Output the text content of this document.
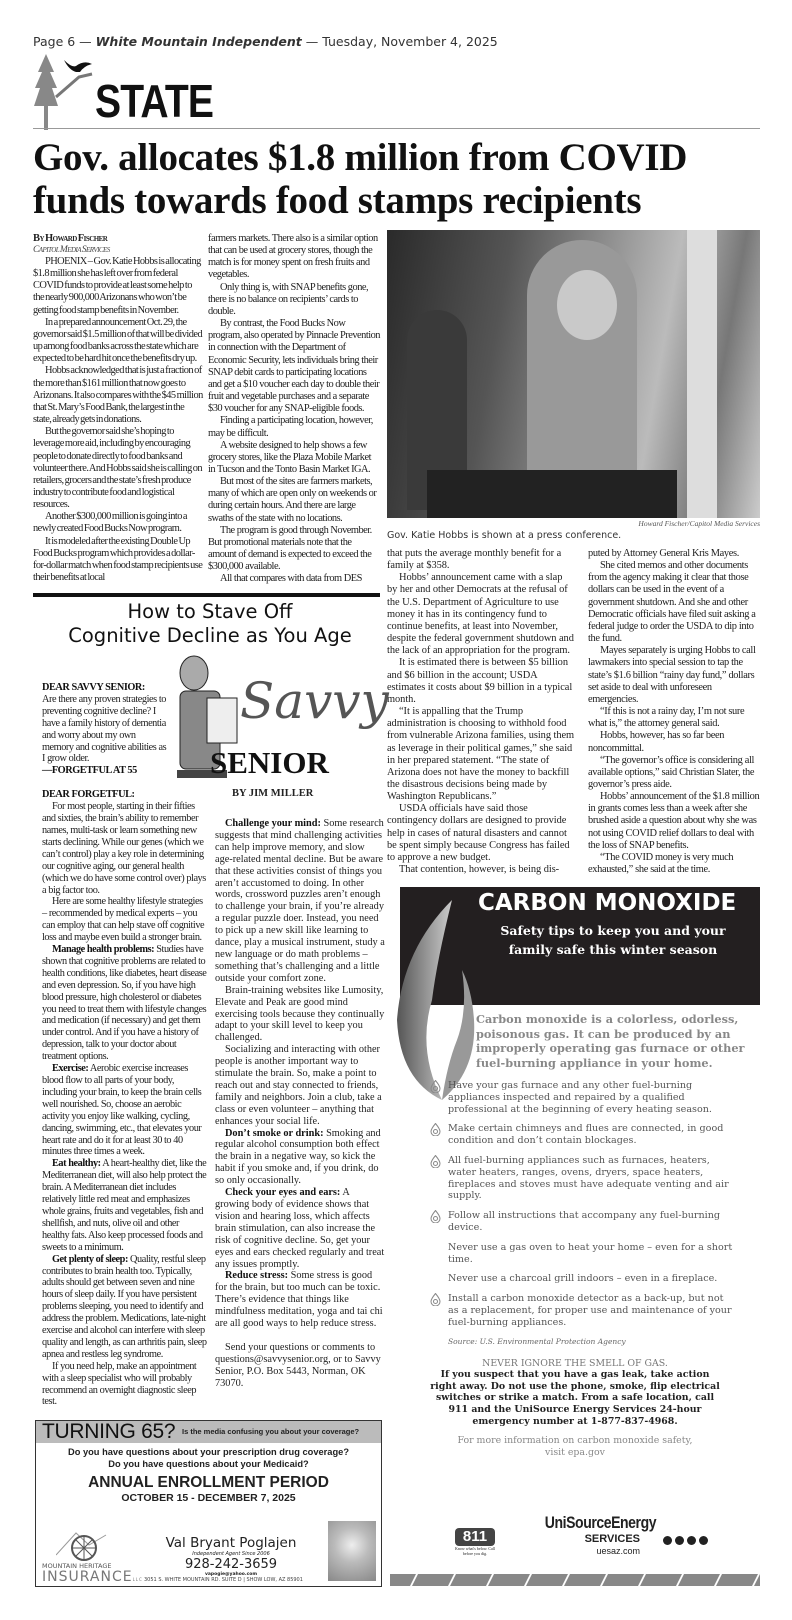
Page 6 — White Mountain Independent — Tuesday, November 4, 2025
STATE
Gov. allocates $1.8 million from COVID funds towards food stamps recipients
By Howard Fischer
Capitol Media Services

PHOENIX – Gov. Katie Hobbs is allocating $1.8 million she has left over from federal COVID funds to provide at least some help to the nearly 900,000 Arizonans who won’t be getting food stamp benefits in November.

In a prepared announcement Oct. 29, the governor said $1.5 million of that will be divided up among food banks across the state which are expected to be hard hit once the benefits dry up.

Hobbs acknowledged that is just a fraction of the more than $161 million that now goes to Arizonans. It also compares with the $45 million that St. Mary’s Food Bank, the largest in the state, already gets in donations.

But the governor said she’s hoping to leverage more aid, including by encouraging people to donate directly to food banks and volunteer there. And Hobbs said she is calling on retailers, grocers and the state’s fresh produce industry to contribute food and logistical resources.

Another $300,000 million is going into a newly created Food Bucks Now program.

It is modeled after the existing Double Up Food Bucks program which provides a dollar-for-dollar match when food stamp recipients use their benefits at local

farmers markets. There also is a similar option that can be used at grocery stores, though the match is for money spent on fresh fruits and vegetables.

Only thing is, with SNAP benefits gone, there is no balance on recipients’ cards to double.

By contrast, the Food Bucks Now program, also operated by Pinnacle Prevention in connection with the Department of Economic Security, lets individuals bring their SNAP debit cards to participating locations and get a $10 voucher each day to double their fruit and vegetable purchases and a separate $30 voucher for any SNAP-eligible foods.

Finding a participating location, however, may be difficult.

A website designed to help shows a few grocery stores, like the Plaza Mobile Market in Tucson and the Tonto Basin Market IGA.

But most of the sites are farmers markets, many of which are open only on weekends or during certain hours. And there are large swaths of the state with no locations.

The program is good through November. But promotional materials note that the amount of demand is expected to exceed the $300,000 available.

All that compares with data from DES

Howard Fischer/Capitol Media Services
Gov. Katie Hobbs is shown at a press conference.

that puts the average monthly benefit for a family at $358.

Hobbs’ announcement came with a slap by her and other Democrats at the refusal of the U.S. Department of Agriculture to use money it has in its contingency fund to continue benefits, at least into November, despite the federal government shutdown and the lack of an appropriation for the program.

It is estimated there is between $5 billion and $6 billion in the account; USDA estimates it costs about $9 billion in a typical month.

“It is appalling that the Trump administration is choosing to withhold food from vulnerable Arizona families, using them as leverage in their political games,” she said in her prepared statement. “The state of Arizona does not have the money to backfill the disastrous decisions being made by Washington Republicans.”

USDA officials have said those contingency dollars are designed to provide help in cases of natural disasters and cannot be spent simply because Congress has failed to approve a new budget.

That contention, however, is being dis-

puted by Attorney General Kris Mayes.

She cited memos and other documents from the agency making it clear that those dollars can be used in the event of a government shutdown. And she and other Democratic officials have filed suit asking a federal judge to order the USDA to dip into the fund.

Mayes separately is urging Hobbs to call lawmakers into special session to tap the state’s $1.6 billion “rainy day fund,” dollars set aside to deal with unforeseen emergencies.

“If this is not a rainy day, I’m not sure what is,” the attorney general said.

Hobbs, however, has so far been noncommittal.

“The governor’s office is considering all available options,” said Christian Slater, the governor’s press aide.

Hobbs’ announcement of the $1.8 million in grants comes less than a week after she brushed aside a question about why she was not using COVID relief dollars to deal with the loss of SNAP benefits.

“The COVID money is very much exhausted,” she said at the time.

How to Stave Off
Cognitive Decline as You Age
Savvy
SENIOR
BY JIM MILLER
DEAR SAVVY SENIOR:
Are there any proven strategies to preventing cognitive decline? I have a family history of dementia and worry about my own memory and cognitive abilities as I grow older.
—FORGETFUL AT 55
DEAR FORGETFUL:

For most people, starting in their fifties and sixties, the brain’s ability to remember names, multi-task or learn something new starts declining. While our genes (which we can’t control) play a key role in determining our cognitive aging, our general health (which we do have some control over) plays a big factor too.

Here are some healthy lifestyle strategies – recommended by medical experts – you can employ that can help stave off cognitive loss and maybe even build a stronger brain.

Manage health problems: Studies have shown that cognitive problems are related to health conditions, like diabetes, heart disease and even depression. So, if you have high blood pressure, high cholesterol or diabetes you need to treat them with lifestyle changes and medication (if necessary) and get them under control. And if you have a history of depression, talk to your doctor about treatment options.

Exercise: Aerobic exercise increases blood flow to all parts of your body, including your brain, to keep the brain cells well nourished. So, choose an aerobic activity you enjoy like walking, cycling, dancing, swimming, etc., that elevates your heart rate and do it for at least 30 to 40 minutes three times a week.

Eat healthy: A heart-healthy diet, like the Mediterranean diet, will also help protect the brain. A Mediterranean diet includes relatively little red meat and emphasizes whole grains, fruits and vegetables, fish and shellfish, and nuts, olive oil and other healthy fats. Also keep processed foods and sweets to a minimum.

Get plenty of sleep: Quality, restful sleep contributes to brain health too. Typically, adults should get between seven and nine hours of sleep daily. If you have persistent problems sleeping, you need to identify and address the problem. Medications, late-night exercise and alcohol can interfere with sleep quality and length, as can arthritis pain, sleep apnea and restless leg syndrome.

If you need help, make an appointment with a sleep specialist who will probably recommend an overnight diagnostic sleep test.

Challenge your mind: Some research suggests that mind challenging activities can help improve memory, and slow age-related mental decline. But be aware that these activities consist of things you aren’t accustomed to doing. In other words, crossword puzzles aren’t enough to challenge your brain, if you’re already a regular puzzle doer. Instead, you need to pick up a new skill like learning to dance, play a musical instrument, study a new language or do math problems – something that’s challenging and a little outside your comfort zone.

Brain-training websites like Lumosity, Elevate and Peak are good mind exercising tools because they continually adapt to your skill level to keep you challenged.

Socializing and interacting with other people is another important way to stimulate the brain. So, make a point to reach out and stay connected to friends, family and neighbors. Join a club, take a class or even volunteer – anything that enhances your social life.

Don’t smoke or drink: Smoking and regular alcohol consumption both effect the brain in a negative way, so kick the habit if you smoke and, if you drink, do so only occasionally.

Check your eyes and ears: A growing body of evidence shows that vision and hearing loss, which affects brain stimulation, can also increase the risk of cognitive decline. So, get your eyes and ears checked regularly and treat any issues promptly.

Reduce stress: Some stress is good for the brain, but too much can be toxic. There’s evidence that things like mindfulness meditation, yoga and tai chi are all good ways to help reduce stress.

Send your questions or comments to questions@savvysenior.org, or to Savvy Senior, P.O. Box 5443, Norman, OK 73070.

CARBON MONOXIDE
Safety tips to keep you and your family safe this winter season
Carbon monoxide is a colorless, odorless, poisonous gas. It can be produced by an improperly operating gas furnace or other fuel-burning appliance in your home.
Have your gas furnace and any other fuel-burning appliances inspected and repaired by a qualified professional at the beginning of every heating season.
Make certain chimneys and flues are connected, in good condition and don’t contain blockages.
All fuel-burning appliances such as furnaces, heaters, water heaters, ranges, ovens, dryers, space heaters, fireplaces and stoves must have adequate venting and air supply.
Follow all instructions that accompany any fuel-burning device.
Never use a gas oven to heat your home – even for a short time.
Never use a charcoal grill indoors – even in a fireplace.
Install a carbon monoxide detector as a back-up, but not as a replacement, for proper use and maintenance of your fuel-burning appliances.
Source: U.S. Environmental Protection Agency
NEVER IGNORE THE SMELL OF GAS.
If you suspect that you have a gas leak, take action right away. Do not use the phone, smoke, flip electrical switches or strike a match. From a safe location, call 911 and the UniSource Energy Services 24-hour emergency number at 1-877-837-4968.
For more information on carbon monoxide safety, visit epa.gov
811
Know what's below. Call before you dig.
UniSourceEnergy
SERVICES
uesaz.com
TURNING 65? Is the media confusing you about your coverage?
Do you have questions about your prescription drug coverage?
Do you have questions about your Medicaid?
ANNUAL ENROLLMENT PERIOD
OCTOBER 15 - DECEMBER 7, 2025
MOUNTAIN HERITAGE
INSURANCELLC
Val Bryant Poglajen
Independent Agent Since 2006
928-242-3659
vapogie@yahoo.com
3051 S. WHITE MOUNTAIN RD. SUITE D | SHOW LOW, AZ 85901
